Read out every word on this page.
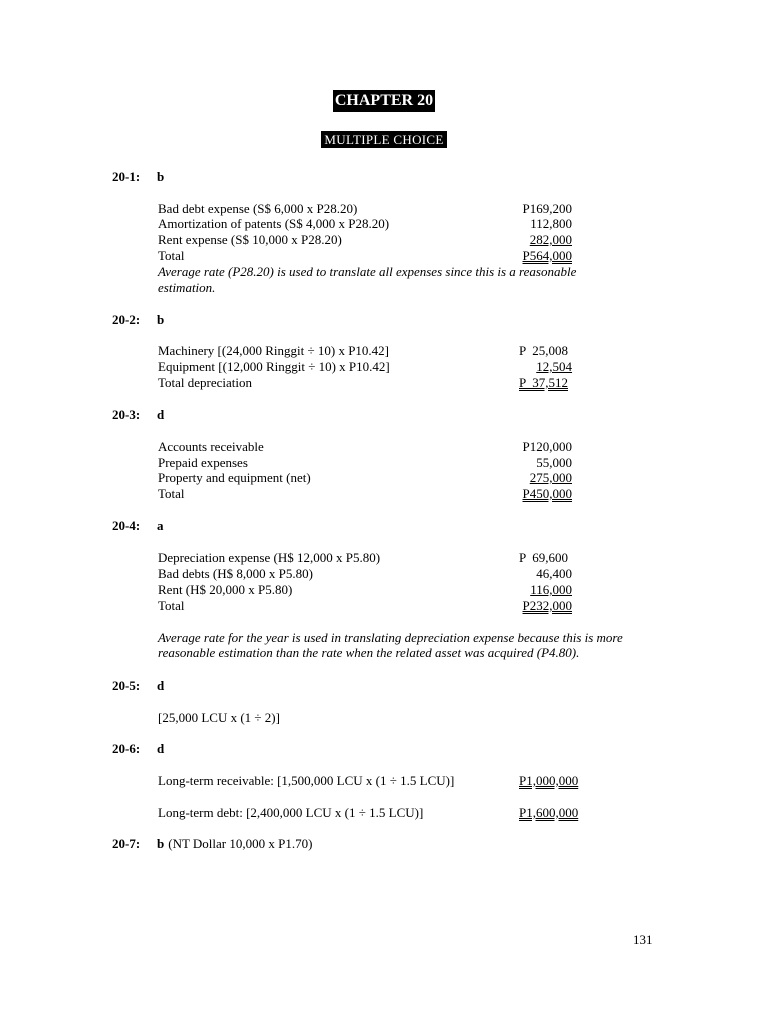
CHAPTER 20
MULTIPLE CHOICE
20-1: b
Bad debt expense (S$ 6,000 x P28.20)	P169,200
Amortization of patents (S$ 4,000 x P28.20)	112,800
Rent expense (S$ 10,000 x P28.20)	282,000
Total	P564,000
Average rate (P28.20) is used to translate all expenses since this is a reasonable
estimation.
20-2: b
Machinery [(24,000 Ringgit ÷ 10) x P10.42]	P  25,008
Equipment [(12,000 Ringgit ÷ 10) x P10.42]	12,504
Total depreciation	P  37,512
20-3: d
Accounts receivable	P120,000
Prepaid expenses	55,000
Property and equipment (net)	275,000
Total	P450,000
20-4: a
Depreciation expense (H$ 12,000 x P5.80)	P  69,600
Bad debts (H$ 8,000 x P5.80)	46,400
Rent (H$ 20,000 x P5.80)	116,000
Total	P232,000
Average rate for the year is used in translating depreciation expense because this is more
reasonable estimation than the rate when the related asset was acquired (P4.80).
20-5: d
[25,000 LCU x (1 ÷ 2)]
20-6: d
Long-term receivable: [1,500,000 LCU x (1 ÷ 1.5 LCU)]	P1,000,000
Long-term debt: [2,400,000 LCU x (1 ÷ 1.5 LCU)]	P1,600,000
20-7: b (NT Dollar 10,000 x P1.70)
131
